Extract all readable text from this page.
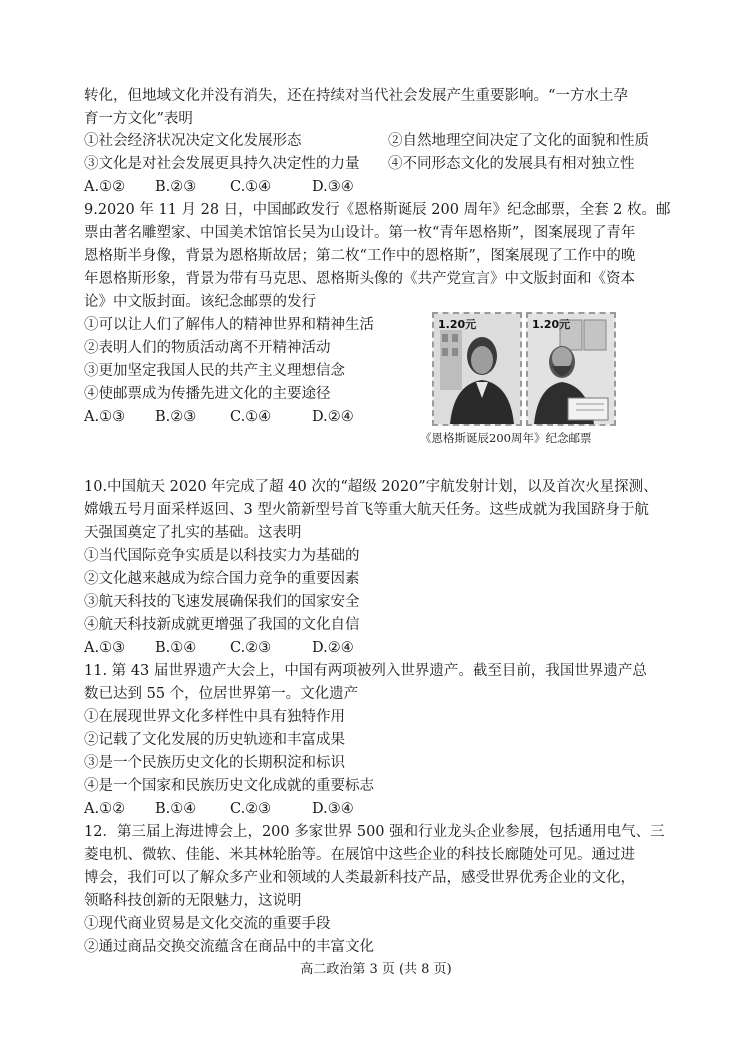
转化，但地域文化并没有消失，还在持续对当代社会发展产生重要影响。“一方水土孕
育一方文化”表明
①社会经济状况决定文化发展形态	②自然地理空间决定了文化的面貌和性质
③文化是对社会发展更具持久决定性的力量 ④不同形态文化的发展具有相对独立性
A.①② B.②③ C.①④	D.③④
9.2020 年 11 月 28 日，中国邮政发行《恩格斯诞辰 200 周年》纪念邮票，全套 2 枚。邮
票由著名雕塑家、中国美术馆馆长吴为山设计。第一枚“青年恩格斯”，图案展现了青年
恩格斯半身像，背景为恩格斯故居；第二枚“工作中的恩格斯”，图案展现了工作中的晚
年恩格斯形象，背景为带有马克思、恩格斯头像的《共产党宣言》中文版封面和《资本
论》中文版封面。该纪念邮票的发行
①可以让人们了解伟人的精神世界和精神生活
②表明人们的物质活动离不开精神活动
③更加坚定我国人民的共产主义理想信念
④使邮票成为传播先进文化的主要途径
A.①③ B.②③ C.①④	D.②④
1.20元	1.20元
《恩格斯诞辰200周年》纪念邮票
10.中国航天 2020 年完成了超 40 次的“超级 2020”宇航发射计划，以及首次火星探测、
嫦娥五号月面采样返回、3 型火箭新型号首飞等重大航天任务。这些成就为我国跻身于航
天强国奠定了扎实的基础。这表明
①当代国际竞争实质是以科技实力为基础的
②文化越来越成为综合国力竞争的重要因素
③航天科技的飞速发展确保我们的国家安全
④航天科技新成就更增强了我国的文化自信
A.①③ B.①④ C.②③	D.②④
11. 第 43 届世界遗产大会上，中国有两项被列入世界遗产。截至目前，我国世界遗产总
数已达到 55 个，位居世界第一。文化遗产
①在展现世界文化多样性中具有独特作用
②记载了文化发展的历史轨迹和丰富成果
③是一个民族历史文化的长期积淀和标识
④是一个国家和民族历史文化成就的重要标志
A.①② B.①④ C.②③	D.③④
12．第三届上海进博会上，200 多家世界 500 强和行业龙头企业参展，包括通用电气、三
菱电机、微软、佳能、米其林轮胎等。在展馆中这些企业的科技长廊随处可见。通过进
博会，我们可以了解众多产业和领域的人类最新科技产品，感受世界优秀企业的文化，
领略科技创新的无限魅力，这说明
①现代商业贸易是文化交流的重要手段
②通过商品交换交流蕴含在商品中的丰富文化
高二政治第 3 页 (共 8 页)
